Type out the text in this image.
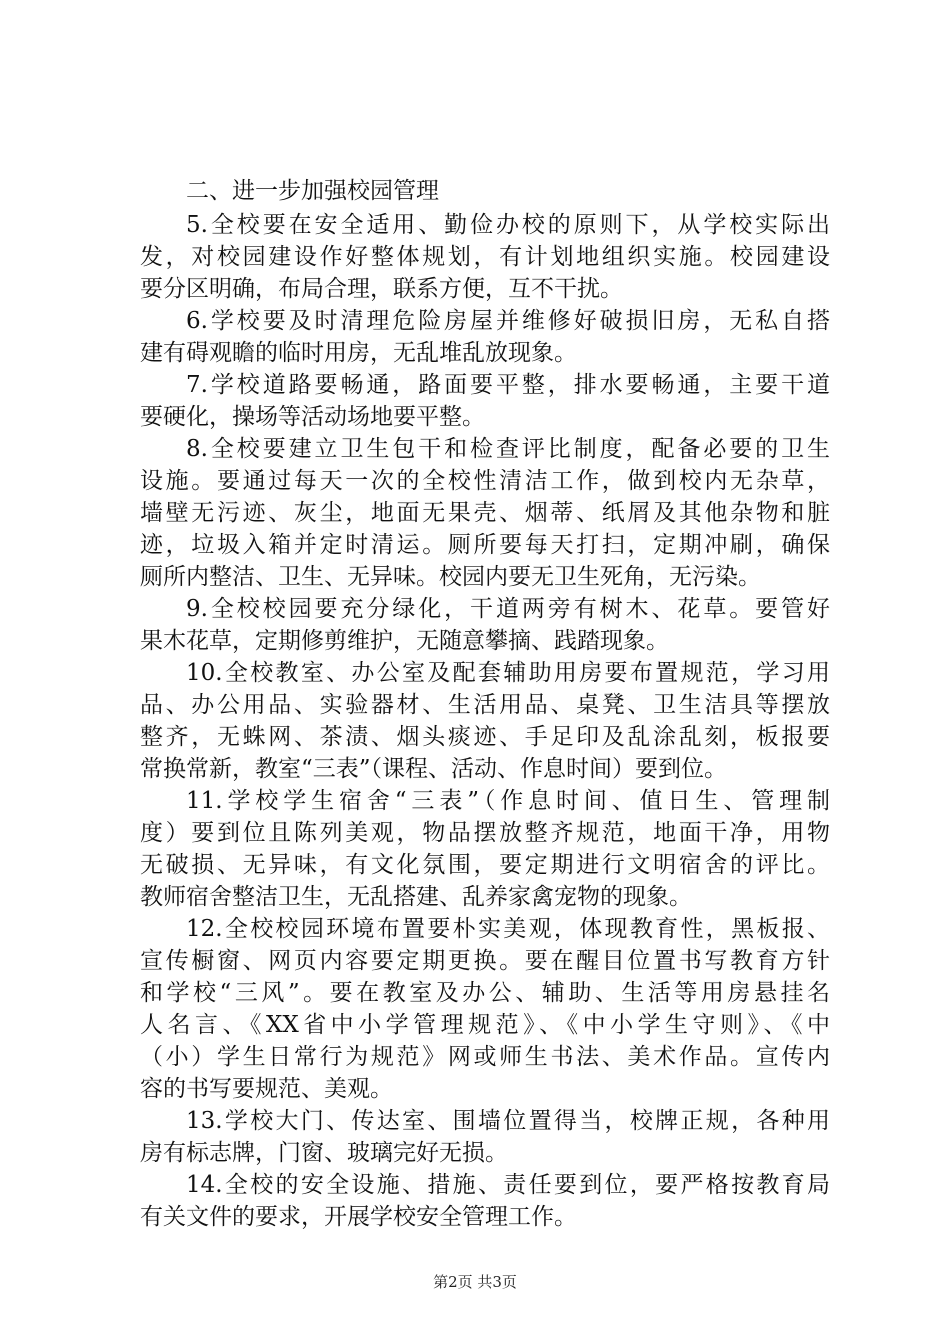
二、进一步加强校园管理
5.全校要在安全适用、勤俭办校的原则下，从学校实际出
发，对校园建设作好整体规划，有计划地组织实施。校园建设
要分区明确，布局合理，联系方便，互不干扰。
6.学校要及时清理危险房屋并维修好破损旧房，无私自搭
建有碍观瞻的临时用房，无乱堆乱放现象。
7.学校道路要畅通，路面要平整，排水要畅通，主要干道
要硬化，操场等活动场地要平整。
8.全校要建立卫生包干和检查评比制度，配备必要的卫生
设施。要通过每天一次的全校性清洁工作，做到校内无杂草，
墙壁无污迹、灰尘，地面无果壳、烟蒂、纸屑及其他杂物和脏
迹，垃圾入箱并定时清运。厕所要每天打扫，定期冲刷，确保
厕所内整洁、卫生、无异味。校园内要无卫生死角，无污染。
9.全校校园要充分绿化，干道两旁有树木、花草。要管好
果木花草，定期修剪维护，无随意攀摘、践踏现象。
10.全校教室、办公室及配套辅助用房要布置规范，学习用
品、办公用品、实验器材、生活用品、桌凳、卫生洁具等摆放
整齐，无蛛网、茶渍、烟头痰迹、手足印及乱涂乱刻，板报要
常换常新，教室“三表”（课程、活动、作息时间）要到位。
11.学校学生宿舍“三表”（作息时间、值日生、管理制
度）要到位且陈列美观，物品摆放整齐规范，地面干净，用物
无破损、无异味，有文化氛围，要定期进行文明宿舍的评比。
教师宿舍整洁卫生，无乱搭建、乱养家禽宠物的现象。
12.全校校园环境布置要朴实美观，体现教育性，黑板报、
宣传橱窗、网页内容要定期更换。要在醒目位置书写教育方针
和学校“三风”。要在教室及办公、辅助、生活等用房悬挂名
人名言、《XX省中小学管理规范》、《中小学生守则》、《中
（小）学生日常行为规范》网或师生书法、美术作品。宣传内
容的书写要规范、美观。
13.学校大门、传达室、围墙位置得当，校牌正规，各种用
房有标志牌，门窗、玻璃完好无损。
14.全校的安全设施、措施、责任要到位，要严格按教育局
有关文件的要求，开展学校安全管理工作。
第2页 共3页
